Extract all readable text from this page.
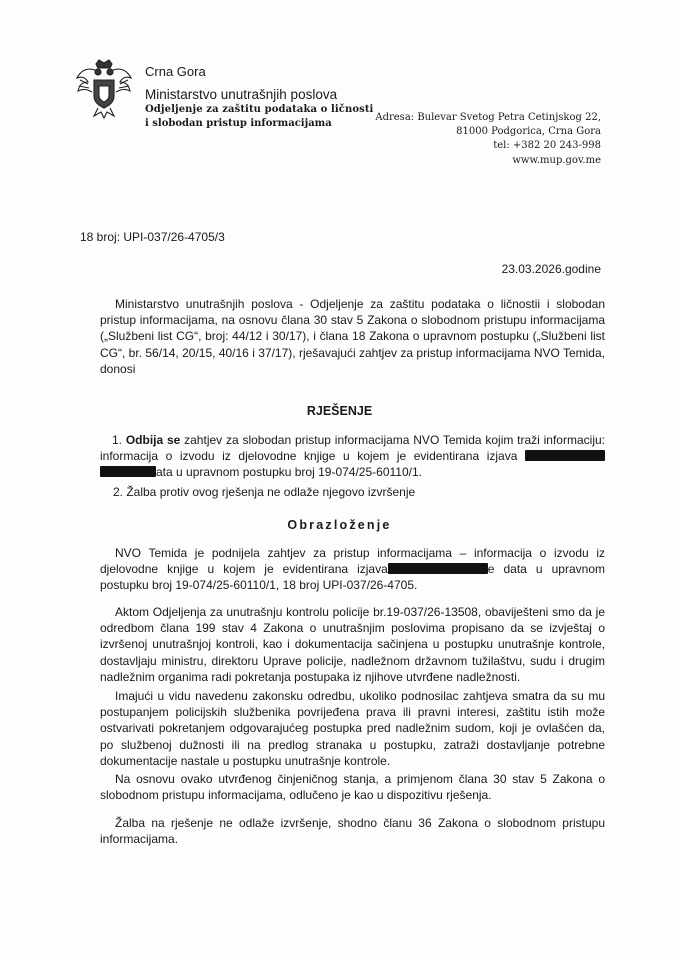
Crna Gora
Ministarstvo unutrašnjih poslova
Odjeljenje za zaštitu podataka o ličnosti
i slobodan pristup informacijama
Adresa: Bulevar Svetog Petra Cetinjskog 22,
81000 Podgorica, Crna Gora
tel: +382 20 243-998
www.mup.gov.me
18 broj: UPI-037/26-4705/3
23.03.2026.godine
Ministarstvo unutrašnjih poslova - Odjeljenje za zaštitu podataka o ličnostii i slobodan pristup informacijama, na osnovu člana 30 stav 5 Zakona o slobodnom pristupu informacijama („Službeni list CG“, broj: 44/12 i 30/17), i člana 18 Zakona o upravnom postupku („Službeni list CG“, br. 56/14, 20/15, 40/16 i 37/17), rješavajući zahtjev za pristup informacijama NVO Temida, donosi
RJEŠENJE
1. Odbija se zahtjev za slobodan pristup informacijama NVO Temida kojim traži informaciju: informacija o izvodu iz djelovodne knjige u kojem je evidentirana izjava  ata u upravnom postupku broj 19-074/25-60110/1.
2. Žalba protiv ovog rješenja ne odlaže njegovo izvršenje
Obrazloženje
NVO Temida je podnijela zahtjev za pristup informacijama – informacija o izvodu iz djelovodne knjige u kojem je evidentirana izjava	e data u upravnom postupku broj 19-074/25-60110/1, 18 broj UPI-037/26-4705.
Aktom Odjeljenja za unutrašnju kontrolu policije br.19-037/26-13508, obaviješteni smo da je odredbom člana 199 stav 4 Zakona o unutrašnjim poslovima propisano da se izvještaj o izvršenoj unutrašnjoj kontroli, kao i dokumentacija sačinjena u postupku unutrašnje kontrole, dostavljaju ministru, direktoru Uprave policije, nadležnom državnom tužilaštvu, sudu i drugim nadležnim organima radi pokretanja postupaka iz njihove utvrđene nadležnosti.
Imajući u vidu navedenu zakonsku odredbu, ukoliko podnosilac zahtjeva smatra da su mu postupanjem policijskih službenika povrijeđena prava ili pravni interesi, zaštitu istih može ostvarivati pokretanjem odgovarajućeg postupka pred nadležnim sudom, koji je ovlašćen da, po službenoj dužnosti ili na predlog stranaka u postupku, zatraži dostavljanje potrebne dokumentacije nastale u postupku unutrašnje kontrole.
Na osnovu ovako utvrđenog činjeničnog stanja, a primjenom člana 30 stav 5 Zakona o slobodnom pristupu informacijama, odlučeno je kao u dispozitivu rješenja.
Žalba na rješenje ne odlaže izvršenje, shodno članu 36 Zakona o slobodnom pristupu informacijama.
